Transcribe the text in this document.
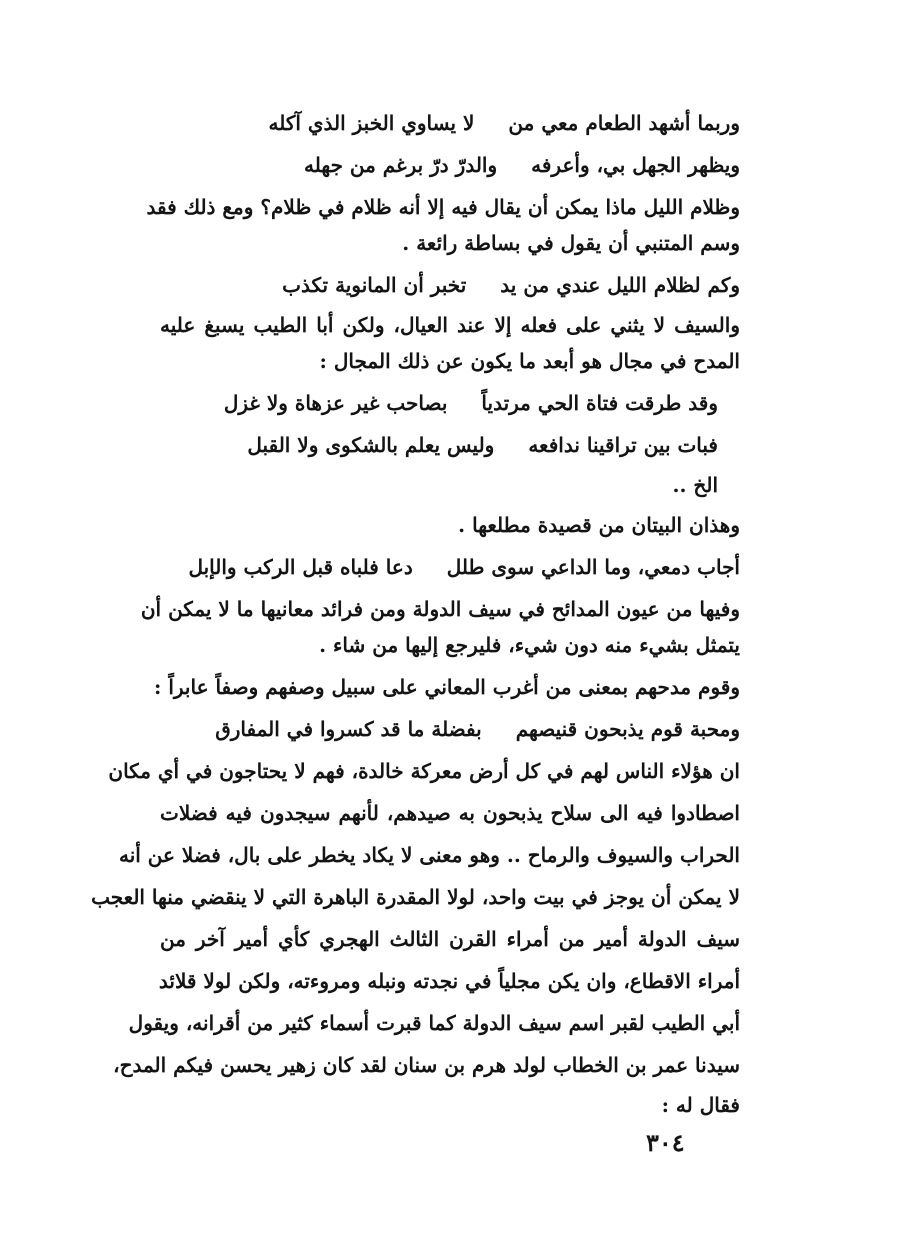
وربما أشهد الطعام معي منلا يساوي الخبز الذي آكله
ويظهر الجهل بي، وأعرفهوالدرّ درّ برغم من جهله
وظلام الليل ماذا يمكن أن يقال فيه إلا أنه ظلام في ظلام؟ ومع ذلك فقد
وسم المتنبي أن يقول في بساطة رائعة .
وكم لظلام الليل عندي من يدتخبر أن المانوية تكذب
والسيف لا يثني على فعله إلا عند العيال، ولكن أبا الطيب يسبغ عليه
المدح في مجال هو أبعد ما يكون عن ذلك المجال :
وقد طرقت فتاة الحي مرتدياًبصاحب غير عزهاة ولا غزل
فبات بين تراقينا ندافعهوليس يعلم بالشكوى ولا القبل
الخ ..
وهذان البيتان من قصيدة مطلعها .
أجاب دمعي، وما الداعي سوى طللدعا فلباه قبل الركب والإبل
وفيها من عيون المدائح في سيف الدولة ومن فرائد معانيها ما لا يمكن أن
يتمثل بشيء منه دون شيء، فليرجع إليها من شاء .
وقوم مدحهم بمعنى من أغرب المعاني على سبيل وصفهم وصفاً عابراً :
ومحبة قوم يذبحون قنيصهمبفضلة ما قد كسروا في المفارق
ان هؤلاء الناس لهم في كل أرض معركة خالدة، فهم لا يحتاجون في أي مكان
اصطادوا فيه الى سلاح يذبحون به صيدهم، لأنهم سيجدون فيه فضلات
الحراب والسيوف والرماح .. وهو معنى لا يكاد يخطر على بال، فضلا عن أنه
لا يمكن أن يوجز في بيت واحد، لولا المقدرة الباهرة التي لا ينقضي منها العجب
سيف الدولة أمير من أمراء القرن الثالث الهجري كأي أمير آخر من
أمراء الاقطاع، وان يكن مجلياً في نجدته ونبله ومروءته، ولكن لولا قلائد
أبي الطيب لقبر اسم سيف الدولة كما قبرت أسماء كثير من أقرانه، ويقول
سيدنا عمر بن الخطاب لولد هرم بن سنان لقد كان زهير يحسن فيكم المدح،
فقال له :
٣٠٤
